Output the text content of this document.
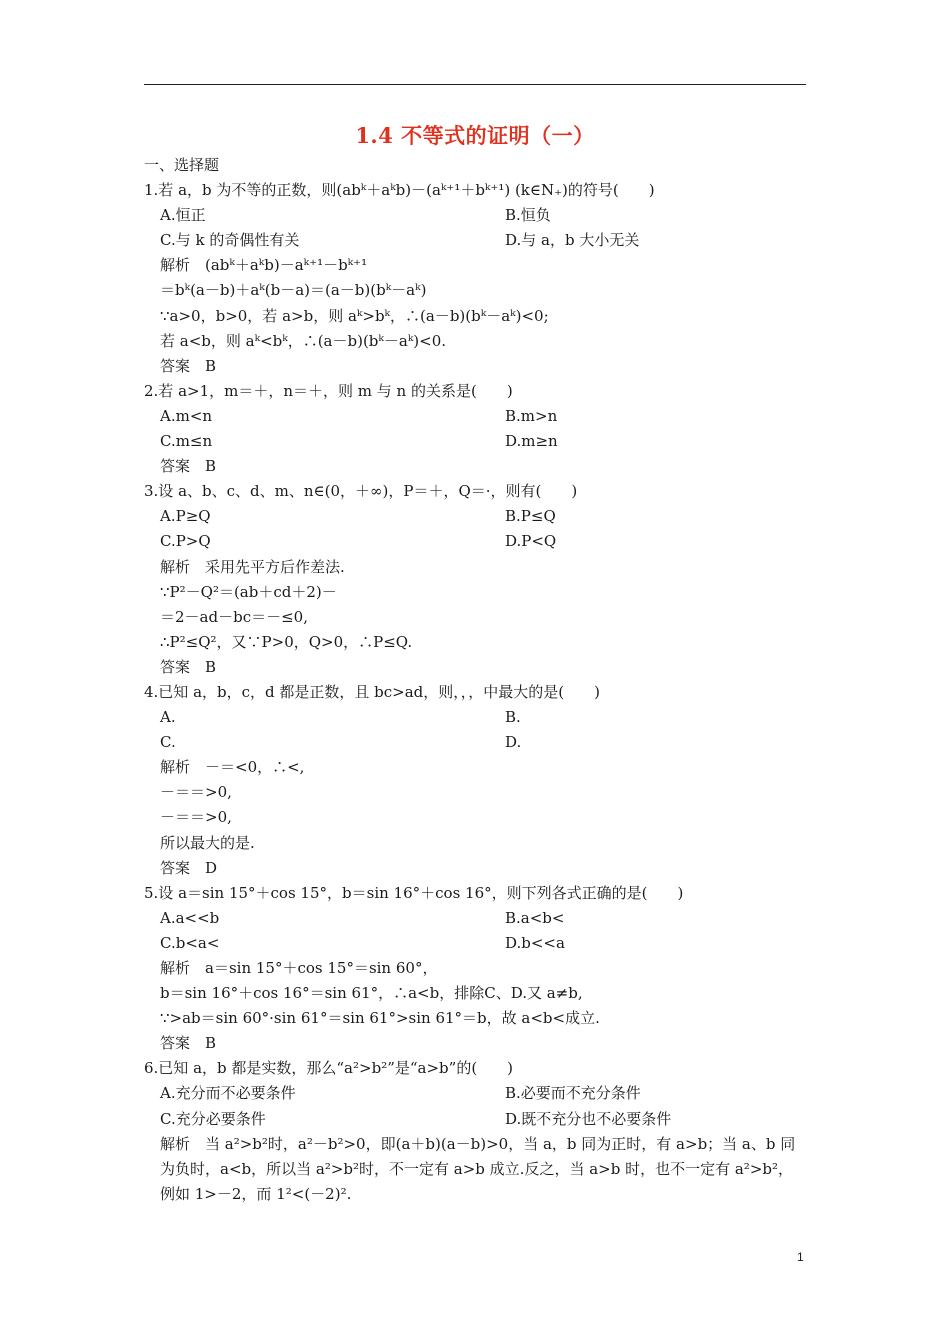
1.4 不等式的证明（一）
一、选择题
1.若 a，b 为不等的正数，则(abᵏ＋aᵏb)－(aᵏ⁺¹＋bᵏ⁺¹) (k∈N₊)的符号(　　)
A.恒正	B.恒负
C.与 k 的奇偶性有关	D.与 a，b 大小无关
解析　(abᵏ＋aᵏb)－aᵏ⁺¹－bᵏ⁺¹
＝bᵏ(a－b)＋aᵏ(b－a)＝(a－b)(bᵏ－aᵏ)
∵a>0，b>0，若 a>b，则 aᵏ>bᵏ，∴(a－b)(bᵏ－aᵏ)<0;
若 a<b，则 aᵏ<bᵏ，∴(a－b)(bᵏ－aᵏ)<0.
答案　B
2.若 a>1，m＝＋，n＝＋，则 m 与 n 的关系是(　　)
A.m<n	B.m>n
C.m≤n	D.m≥n
答案　B
3.设 a、b、c、d、m、n∈(0，＋∞)，P＝＋，Q＝·，则有(　　)
A.P≥Q	B.P≤Q
C.P>Q	D.P<Q
解析　采用先平方后作差法.
∵P²－Q²＝(ab＋cd＋2)－
＝2－ad－bc＝－≤0,
∴P²≤Q²，又∵P>0，Q>0，∴P≤Q.
答案　B
4.已知 a，b，c，d 都是正数，且 bc>ad，则，，，中最大的是(　　)
A.	B.
C.	D.
解析　－＝<0，∴<,
－＝＝>0,
－＝＝>0,
所以最大的是.
答案　D
5.设 a＝sin 15°＋cos 15°，b＝sin 16°＋cos 16°，则下列各式正确的是(　　)
A.a<<b	B.a<b<
C.b<a<	D.b<<a
解析　a＝sin 15°＋cos 15°＝sin 60°，
b＝sin 16°＋cos 16°＝sin 61°，∴a<b，排除C、D.又 a≠b,
∵>ab＝sin 60°·sin 61°＝sin 61°>sin 61°＝b，故 a<b<成立.
答案　B
6.已知 a，b 都是实数，那么“a²>b²”是“a>b”的(　　)
A.充分而不必要条件	B.必要而不充分条件
C.充分必要条件	D.既不充分也不必要条件
解析　当 a²>b²时，a²－b²>0，即(a＋b)(a－b)>0，当 a，b 同为正时，有 a>b；当 a、b 同为负时，a<b，所以当 a²>b²时，不一定有 a>b 成立.反之，当 a>b 时，也不一定有 a²>b²，例如 1>－2，而 1²<(－2)².
1
